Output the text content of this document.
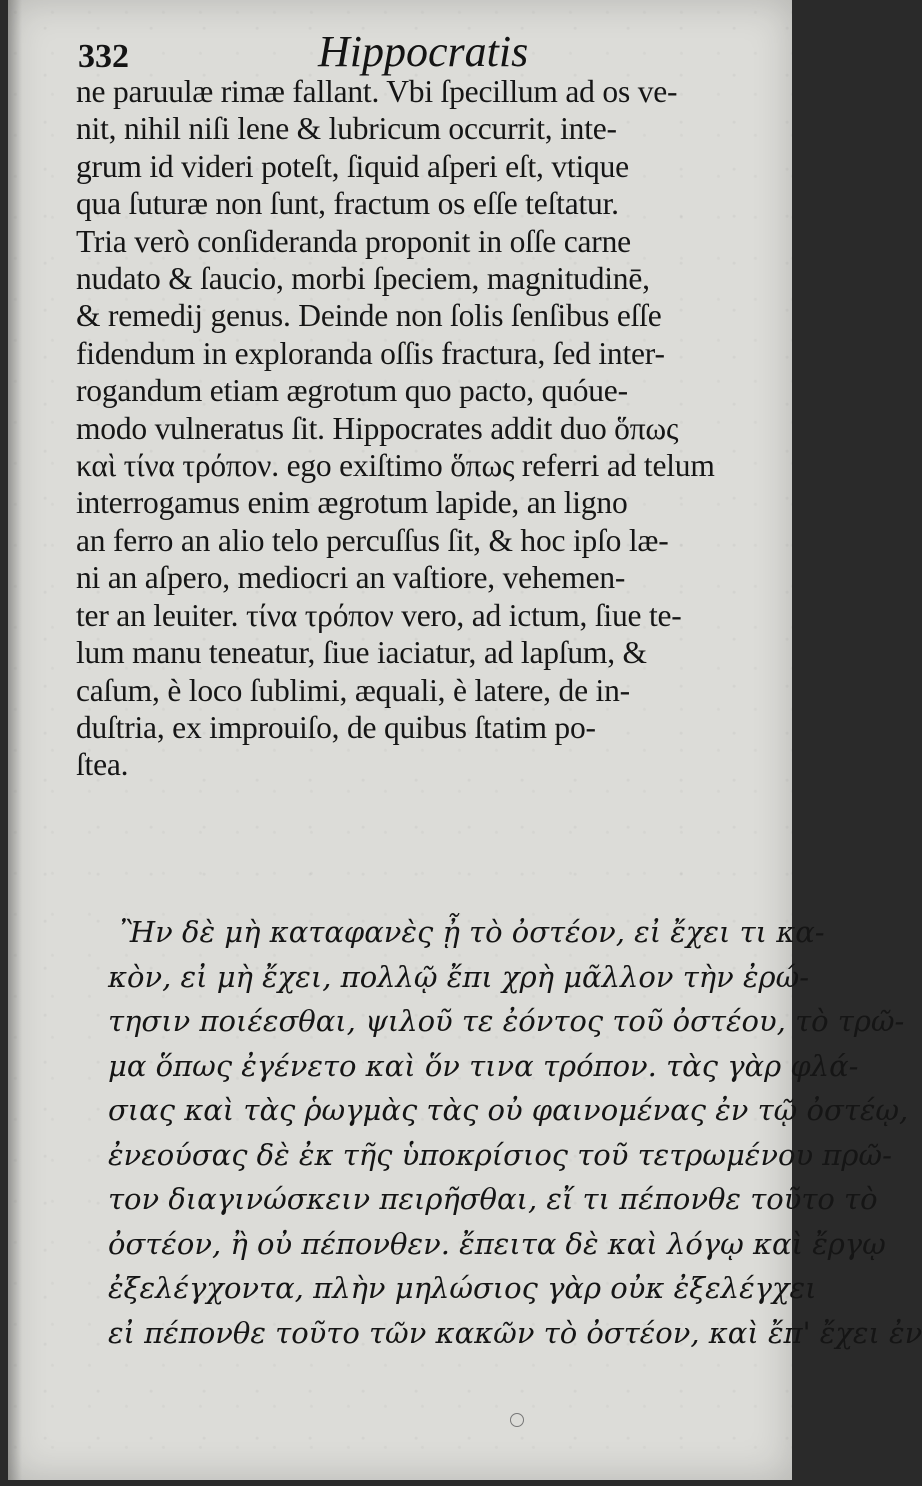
332	Hippocratis
ne paruulæ rimæ fallant. Vbi ſpecillum ad os ve-
nit, nihil niſi lene & lubricum occurrit, inte-
grum id videri poteſt, ſiquid aſperi eſt, vtique
qua ſuturæ non ſunt, fractum os eſſe teſtatur.
Tria verò conſideranda proponit in oſſe carne
nudato & ſaucio, morbi ſpeciem, magnitudinē,
& remedij genus. Deinde non ſolis ſenſibus eſſe
fidendum in exploranda oſſis fractura, ſed inter-
rogandum etiam ægrotum quo pacto, quóue-
modo vulneratus ſit. Hippocrates addit duo ὅπως
καὶ τίνα τρόπον. ego exiſtimo ὅπως referri ad telum
interrogamus enim ægrotum lapide, an ligno
an ferro an alio telo percuſſus ſit, & hoc ipſo læ-
ni an aſpero, mediocri an vaſtiore, vehemen-
ter an leuiter. τίνα τρόπον vero, ad ictum, ſiue te-
lum manu teneatur, ſiue iaciatur, ad lapſum, &
caſum, è loco ſublimi, æquali, è latere, de in-
duſtria, ex improuiſo, de quibus ſtatim po-
ſtea.
Ἢν δὲ μὴ καταφανὲς ᾖ τὸ ὀστέον, εἰ ἔχει τι κα-
κὸν, εἰ μὴ ἔχει, πολλῷ ἔπι χρὴ μᾶλλον τὴν ἐρώ-
τησιν ποιέεσθαι, ψιλοῦ τε ἐόντος τοῦ ὀστέου, τὸ τρῶ-
μα ὅπως ἐγένετο καὶ ὅν τινα τρόπον. τὰς γὰρ φλά-
σιας καὶ τὰς ῥωγμὰς τὰς οὐ φαινομένας ἐν τῷ ὀστέῳ,
ἐνεούσας δὲ ἐκ τῆς ὑποκρίσιος τοῦ τετρωμένου πρῶ-
τον διαγινώσκειν πειρῆσθαι, εἴ τι πέπονθε τοῦτο τὸ
ὀστέον, ἢ οὐ πέπονθεν. ἔπειτα δὲ καὶ λόγῳ καὶ ἔργῳ
ἐξελέγχοντα, πλὴν μηλώσιος γὰρ οὐκ ἐξελέγχει
εἰ πέπονθε τοῦτο τῶν κακῶν τὸ ὀστέον, καὶ ἔπ' ἔχει ἐν
